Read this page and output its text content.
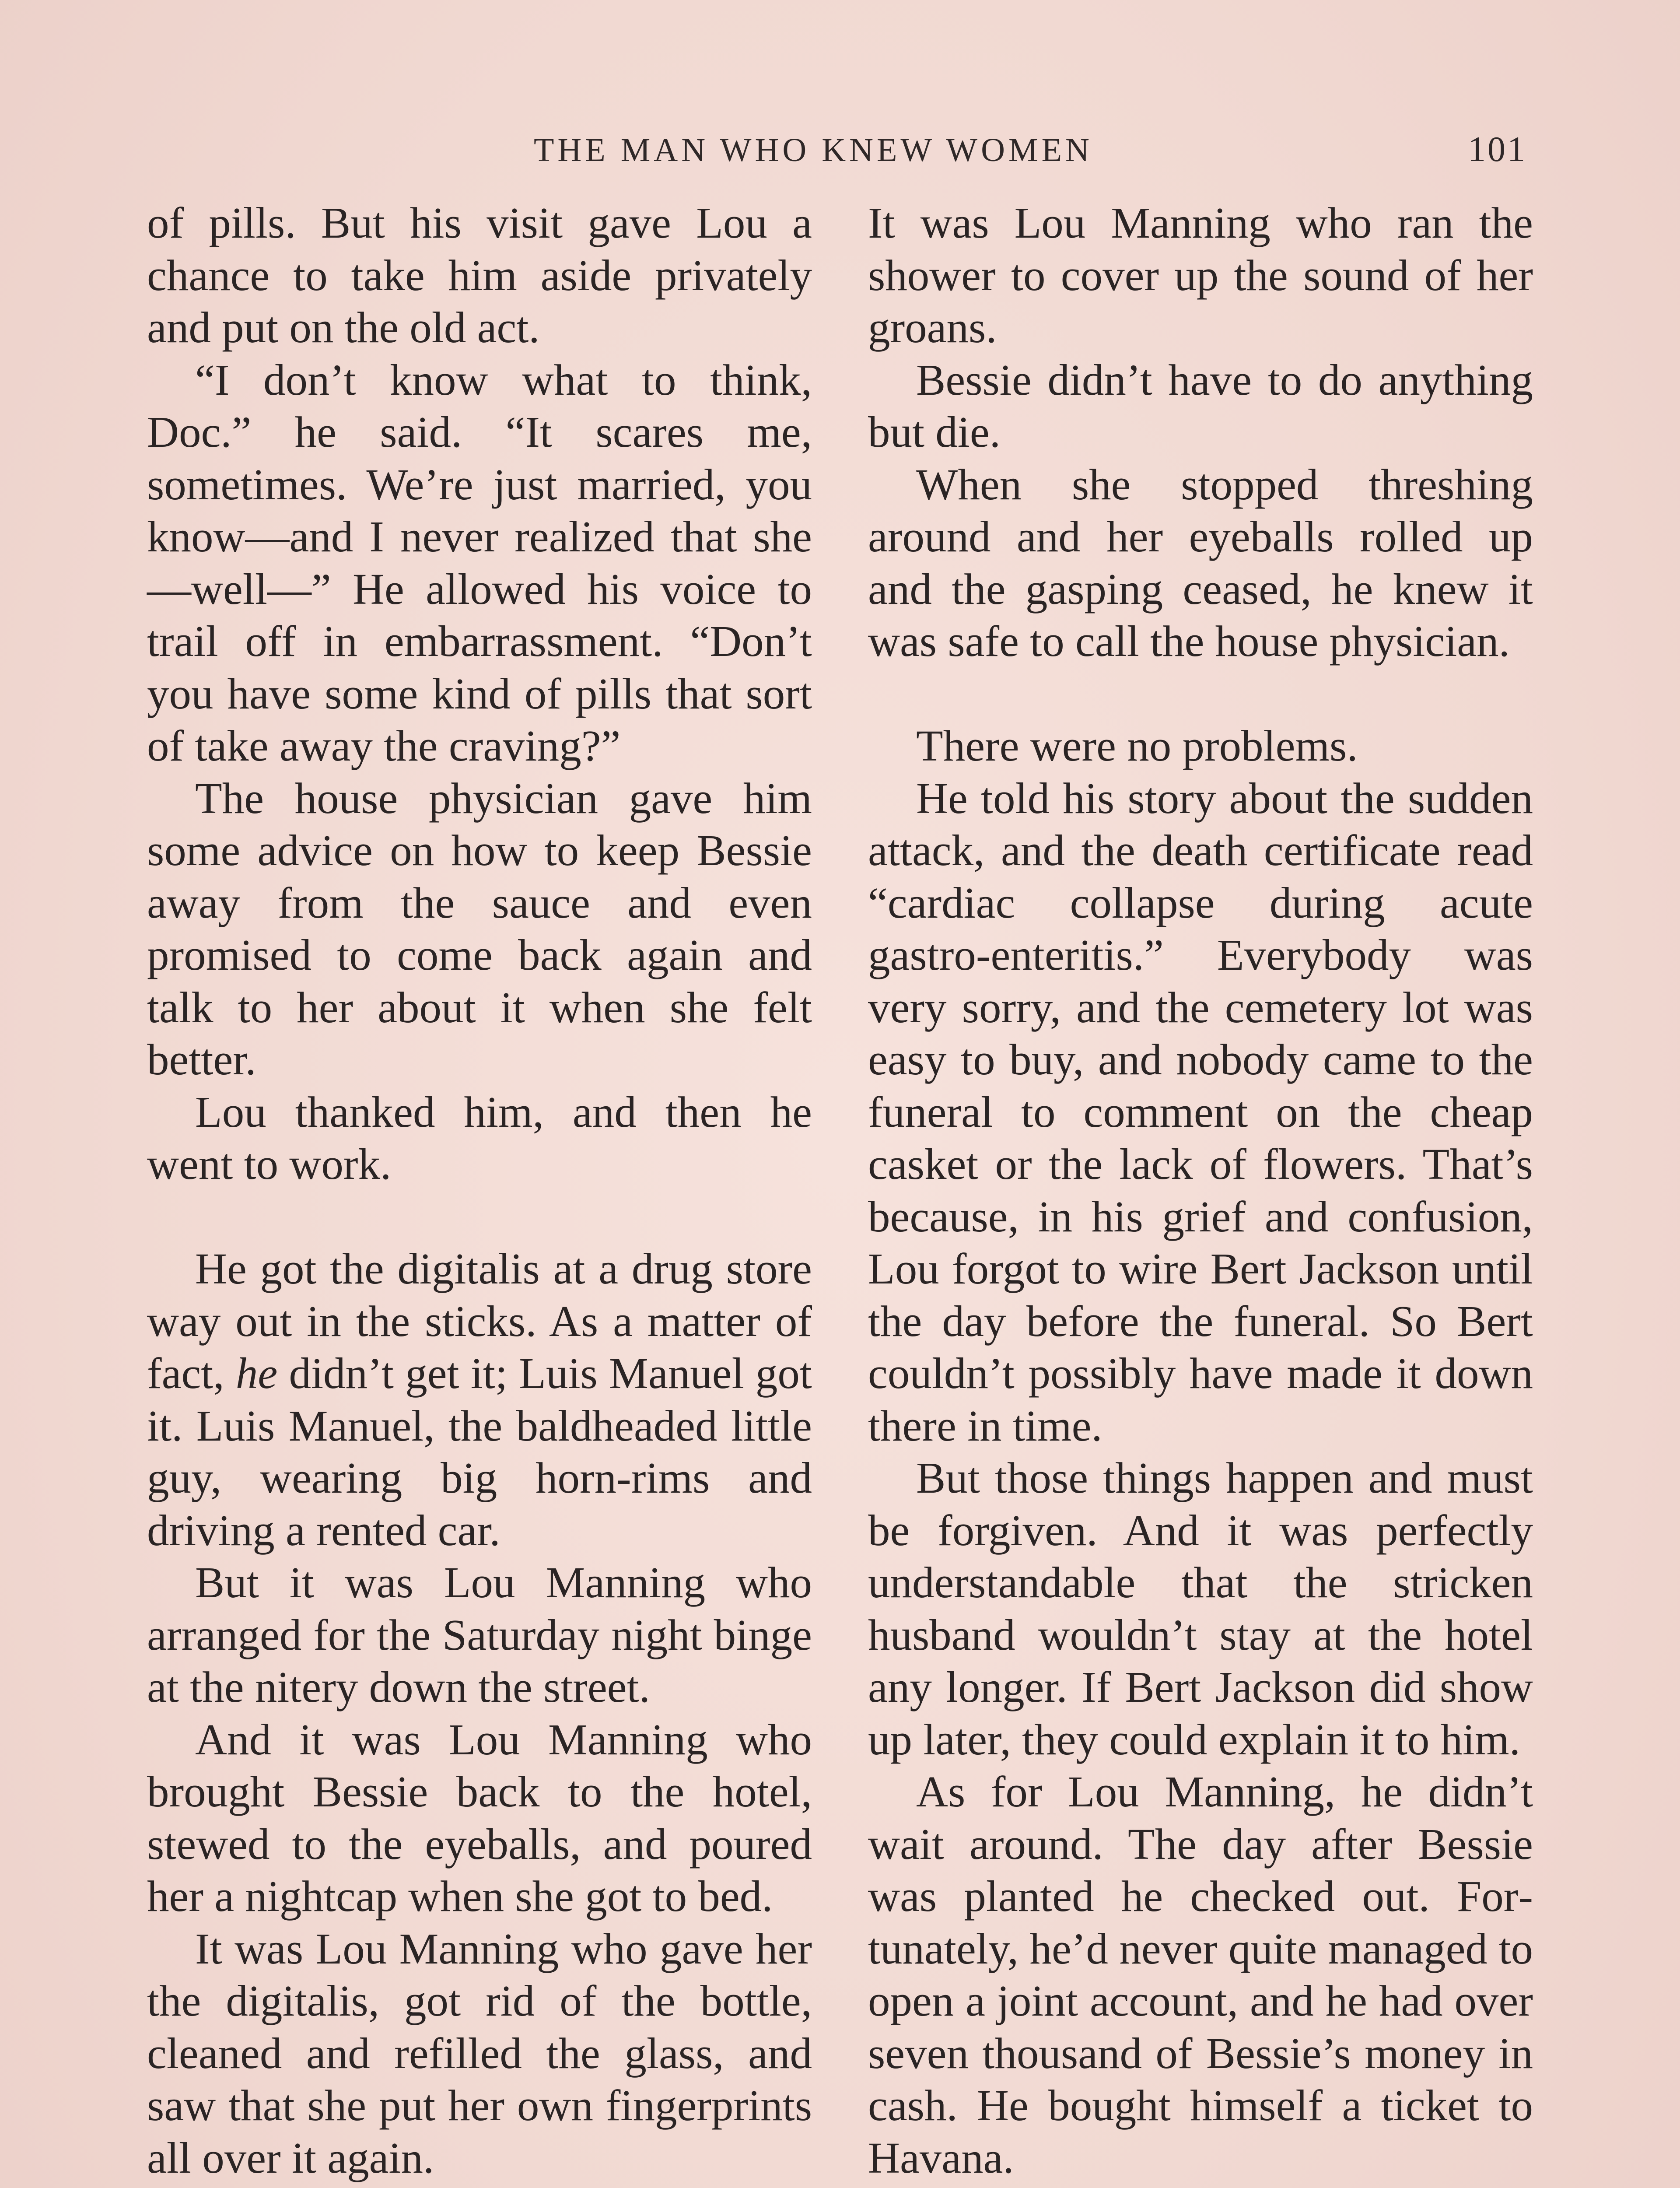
THE MAN WHO KNEW WOMEN	101

of pills. But his visit gave Lou a chance to take him aside privately and put on the old act.

“I don’t know what to think, Doc.” he said. “It scares me, sometimes. We’re just married, you know—and I never realized that she—well—” He allowed his voice to trail off in embarrassment. “Don’t you have some kind of pills that sort of take away the craving?”

The house physician gave him some advice on how to keep Bessie away from the sauce and even promised to come back again and talk to her about it when she felt better.

Lou thanked him, and then he went to work.

He got the digitalis at a drug store way out in the sticks. As a matter of fact, he didn’t get it; Luis Manuel got it. Luis Manuel, the baldheaded little guy, wearing big horn-rims and driving a rented car.

But it was Lou Manning who arranged for the Saturday night binge at the nitery down the street.

And it was Lou Manning who brought Bessie back to the hotel, stewed to the eyeballs, and poured her a nightcap when she got to bed.

It was Lou Manning who gave her the digitalis, got rid of the bottle, cleaned and refilled the glass, and saw that she put her own fingerprints all over it again.

It was Lou Manning who ran the shower to cover up the sound of her groans.

Bessie didn’t have to do anything but die.

When she stopped threshing around and her eyeballs rolled up and the gasping ceased, he knew it was safe to call the house physician.

There were no problems.

He told his story about the sudden attack, and the death certificate read “cardiac collapse during acute gastro-enteritis.” Everybody was very sorry, and the cemetery lot was easy to buy, and nobody came to the funeral to comment on the cheap casket or the lack of flowers. That’s because, in his grief and confusion, Lou forgot to wire Bert Jackson until the day before the funeral. So Bert couldn’t possibly have made it down there in time.

But those things happen and must be forgiven. And it was perfectly understandable that the stricken husband wouldn’t stay at the hotel any longer. If Bert Jackson did show up later, they could explain it to him.

As for Lou Manning, he didn’t wait around. The day after Bessie was planted he checked out. Fortunately, he’d never quite managed to open a joint account, and he had over seven thousand of Bessie’s money in cash. He bought himself a ticket to Havana.
